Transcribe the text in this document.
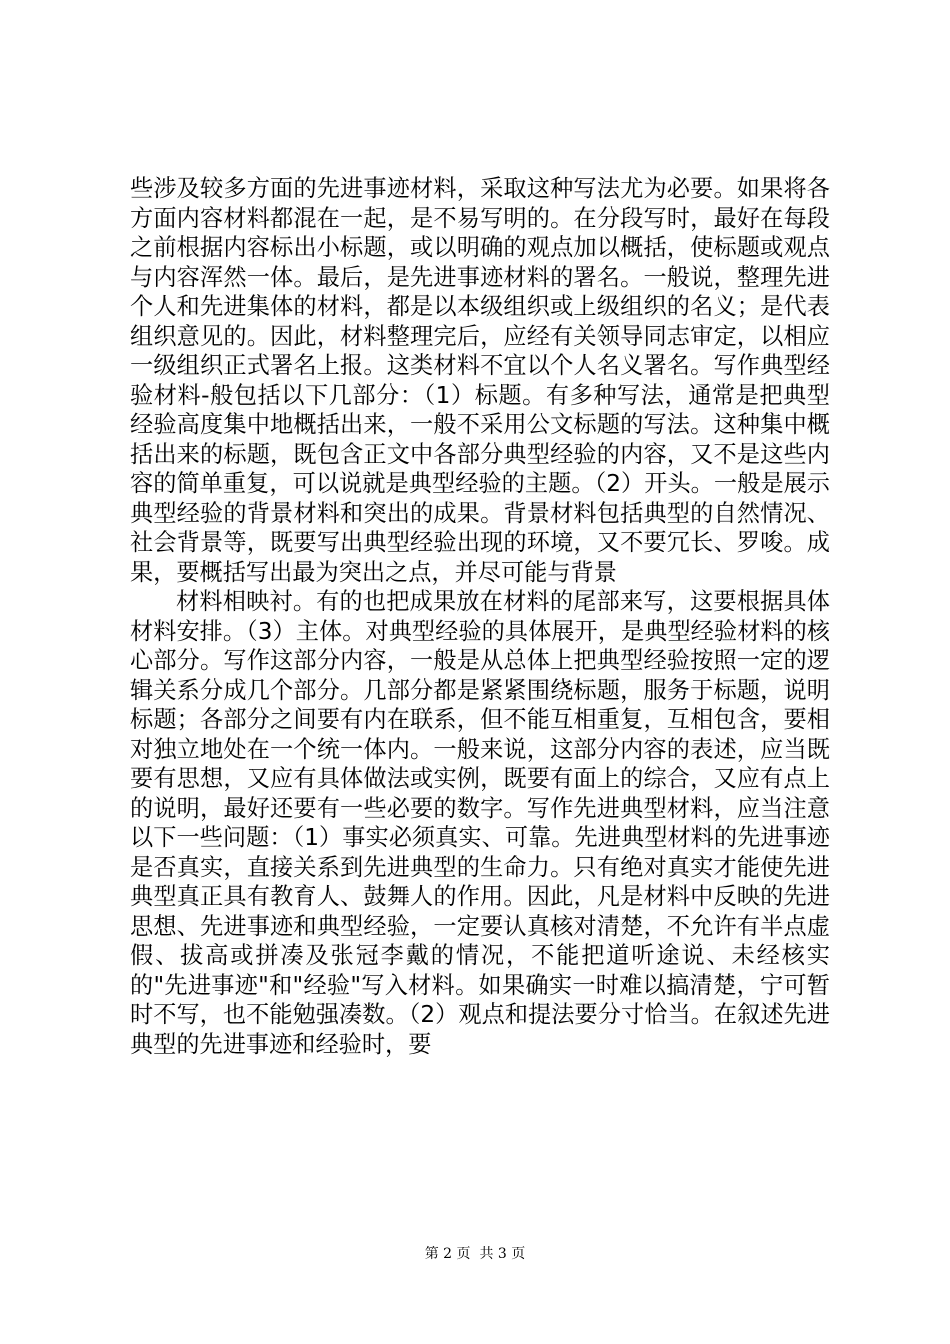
些涉及较多方面的先进事迹材料，采取这种写法尤为必要。如果将各方面内容材料都混在一起，是不易写明的。在分段写时，最好在每段之前根据内容标出小标题，或以明确的观点加以概括，使标题或观点与内容浑然一体。最后，是先进事迹材料的署名。一般说，整理先进个人和先进集体的材料，都是以本级组织或上级组织的名义；是代表组织意见的。因此，材料整理完后，应经有关领导同志审定，以相应一级组织正式署名上报。这类材料不宜以个人名义署名。写作典型经验材料-般包括以下几部分：（1）标题。有多种写法，通常是把典型经验高度集中地概括出来，一般不采用公文标题的写法。这种集中概括出来的标题，既包含正文中各部分典型经验的内容，又不是这些内容的简单重复，可以说就是典型经验的主题。（2）开头。一般是展示典型经验的背景材料和突出的成果。背景材料包括典型的自然情况、社会背景等，既要写出典型经验出现的环境，又不要冗长、罗唆。成果，要概括写出最为突出之点，并尽可能与背景

材料相映衬。有的也把成果放在材料的尾部来写，这要根据具体材料安排。（3）主体。对典型经验的具体展开，是典型经验材料的核心部分。写作这部分内容，一般是从总体上把典型经验按照一定的逻辑关系分成几个部分。几部分都是紧紧围绕标题，服务于标题，说明标题；各部分之间要有内在联系，但不能互相重复，互相包含，要相对独立地处在一个统一体内。一般来说，这部分内容的表述，应当既要有思想，又应有具体做法或实例，既要有面上的综合，又应有点上的说明，最好还要有一些必要的数字。写作先进典型材料，应当注意以下一些问题：（1）事实必须真实、可靠。先进典型材料的先进事迹是否真实，直接关系到先进典型的生命力。只有绝对真实才能使先进典型真正具有教育人、鼓舞人的作用。因此，凡是材料中反映的先进思想、先进事迹和典型经验，一定要认真核对清楚，不允许有半点虚假、拔高或拼凑及张冠李戴的情况，不能把道听途说、未经核实的"先进事迹"和"经验"写入材料。如果确实一时难以搞清楚，宁可暂时不写，也不能勉强凑数。（2）观点和提法要分寸恰当。在叙述先进典型的先进事迹和经验时，要

第 2 页  共 3 页
